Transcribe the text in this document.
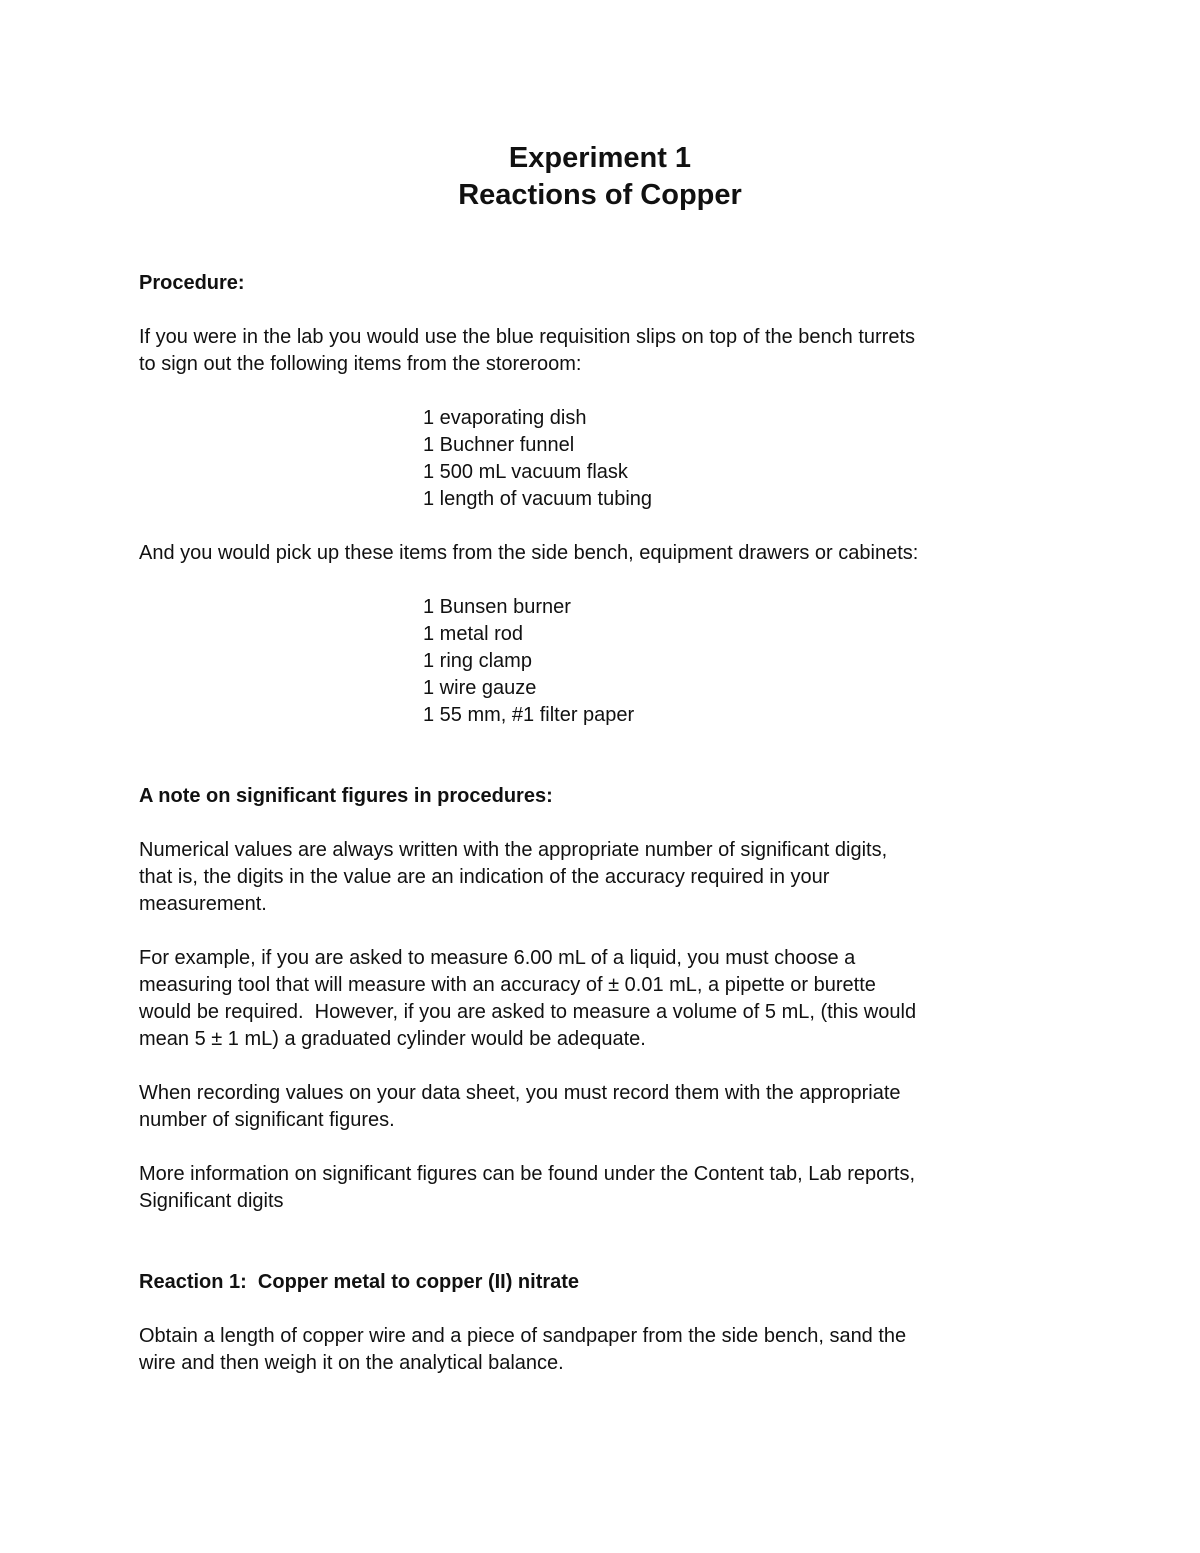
Experiment 1
Reactions of Copper

Procedure:

If you were in the lab you would use the blue requisition slips on top of the bench turrets

to sign out the following items from the storeroom:

1 evaporating dish
1 Buchner funnel
1 500 mL vacuum flask
1 length of vacuum tubing

And you would pick up these items from the side bench, equipment drawers or cabinets:

1 Bunsen burner
1 metal rod
1 ring clamp
1 wire gauze
1 55 mm, #1 filter paper

A note on significant figures in procedures:

Numerical values are always written with the appropriate number of significant digits,

that is, the digits in the value are an indication of the accuracy required in your

measurement.

For example, if you are asked to measure 6.00 mL of a liquid, you must choose a

measuring tool that will measure with an accuracy of ± 0.01 mL, a pipette or burette

would be required.  However, if you are asked to measure a volume of 5 mL, (this would

mean 5 ± 1 mL) a graduated cylinder would be adequate.

When recording values on your data sheet, you must record them with the appropriate

number of significant figures.

More information on significant figures can be found under the Content tab, Lab reports,

Significant digits

Reaction 1:  Copper metal to copper (II) nitrate

Obtain a length of copper wire and a piece of sandpaper from the side bench, sand the

wire and then weigh it on the analytical balance.
